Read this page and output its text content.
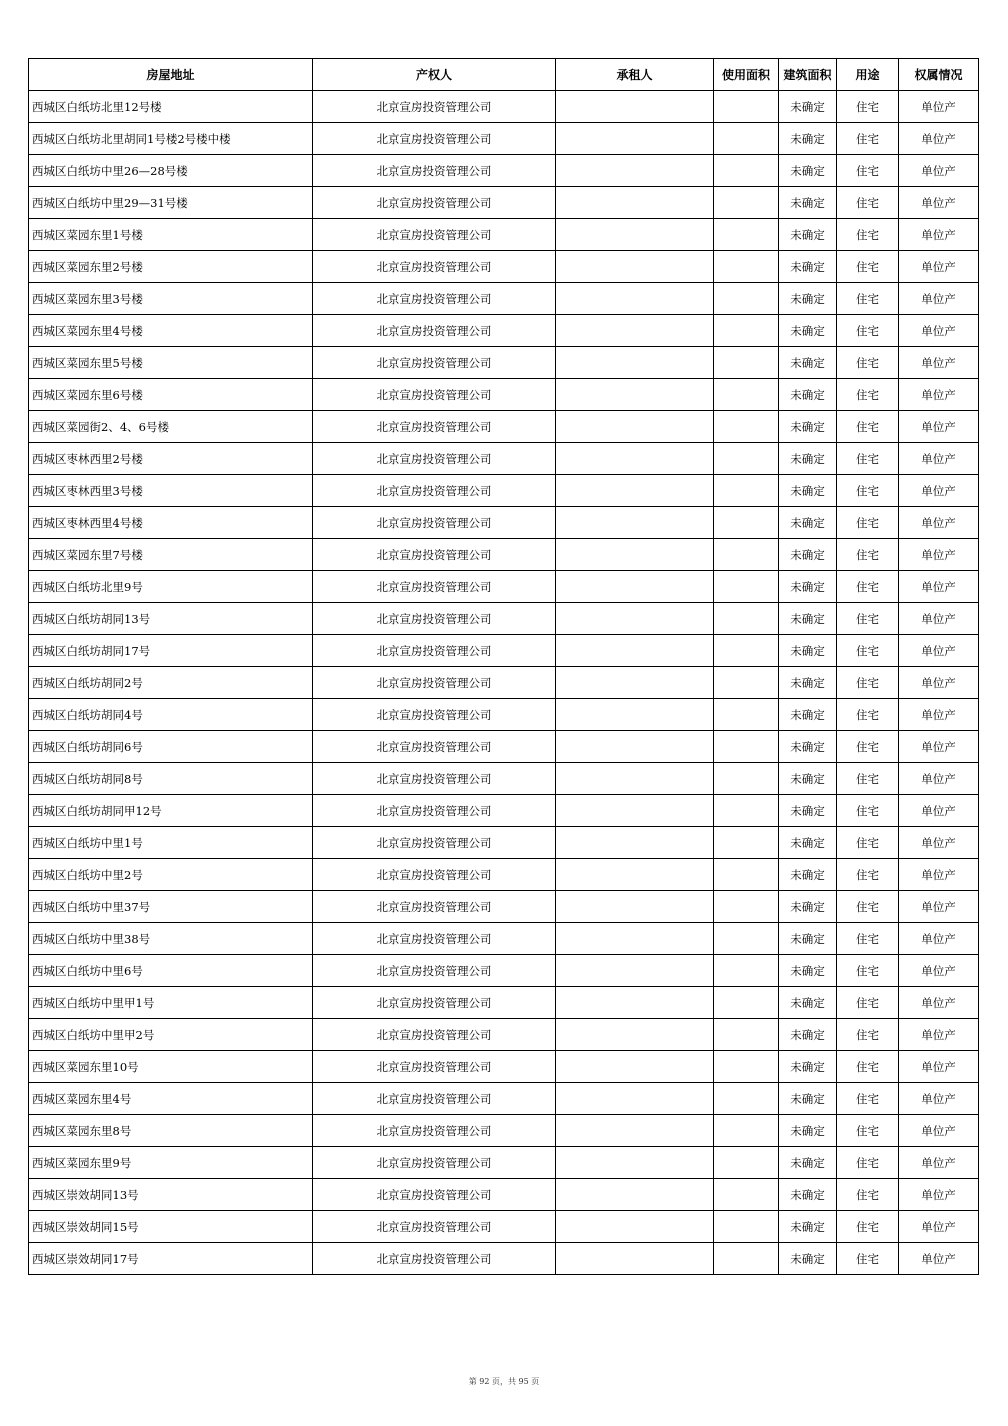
房屋地址	产权人	承租人	使用面积	建筑面积	用途	权属情况
西城区白纸坊北里12号楼	北京宣房投资管理公司			未确定	住宅	单位产
西城区白纸坊北里胡同1号楼2号楼中楼	北京宣房投资管理公司			未确定	住宅	单位产
西城区白纸坊中里26—28号楼	北京宣房投资管理公司			未确定	住宅	单位产
西城区白纸坊中里29—31号楼	北京宣房投资管理公司			未确定	住宅	单位产
西城区菜园东里1号楼	北京宣房投资管理公司			未确定	住宅	单位产
西城区菜园东里2号楼	北京宣房投资管理公司			未确定	住宅	单位产
西城区菜园东里3号楼	北京宣房投资管理公司			未确定	住宅	单位产
西城区菜园东里4号楼	北京宣房投资管理公司			未确定	住宅	单位产
西城区菜园东里5号楼	北京宣房投资管理公司			未确定	住宅	单位产
西城区菜园东里6号楼	北京宣房投资管理公司			未确定	住宅	单位产
西城区菜园街2、4、6号楼	北京宣房投资管理公司			未确定	住宅	单位产
西城区枣林西里2号楼	北京宣房投资管理公司			未确定	住宅	单位产
西城区枣林西里3号楼	北京宣房投资管理公司			未确定	住宅	单位产
西城区枣林西里4号楼	北京宣房投资管理公司			未确定	住宅	单位产
西城区菜园东里7号楼	北京宣房投资管理公司			未确定	住宅	单位产
西城区白纸坊北里9号	北京宣房投资管理公司			未确定	住宅	单位产
西城区白纸坊胡同13号	北京宣房投资管理公司			未确定	住宅	单位产
西城区白纸坊胡同17号	北京宣房投资管理公司			未确定	住宅	单位产
西城区白纸坊胡同2号	北京宣房投资管理公司			未确定	住宅	单位产
西城区白纸坊胡同4号	北京宣房投资管理公司			未确定	住宅	单位产
西城区白纸坊胡同6号	北京宣房投资管理公司			未确定	住宅	单位产
西城区白纸坊胡同8号	北京宣房投资管理公司			未确定	住宅	单位产
西城区白纸坊胡同甲12号	北京宣房投资管理公司			未确定	住宅	单位产
西城区白纸坊中里1号	北京宣房投资管理公司			未确定	住宅	单位产
西城区白纸坊中里2号	北京宣房投资管理公司			未确定	住宅	单位产
西城区白纸坊中里37号	北京宣房投资管理公司			未确定	住宅	单位产
西城区白纸坊中里38号	北京宣房投资管理公司			未确定	住宅	单位产
西城区白纸坊中里6号	北京宣房投资管理公司			未确定	住宅	单位产
西城区白纸坊中里甲1号	北京宣房投资管理公司			未确定	住宅	单位产
西城区白纸坊中里甲2号	北京宣房投资管理公司			未确定	住宅	单位产
西城区菜园东里10号	北京宣房投资管理公司			未确定	住宅	单位产
西城区菜园东里4号	北京宣房投资管理公司			未确定	住宅	单位产
西城区菜园东里8号	北京宣房投资管理公司			未确定	住宅	单位产
西城区菜园东里9号	北京宣房投资管理公司			未确定	住宅	单位产
西城区崇效胡同13号	北京宣房投资管理公司			未确定	住宅	单位产
西城区崇效胡同15号	北京宣房投资管理公司			未确定	住宅	单位产
西城区崇效胡同17号	北京宣房投资管理公司			未确定	住宅	单位产
第 92 页，共 95 页
